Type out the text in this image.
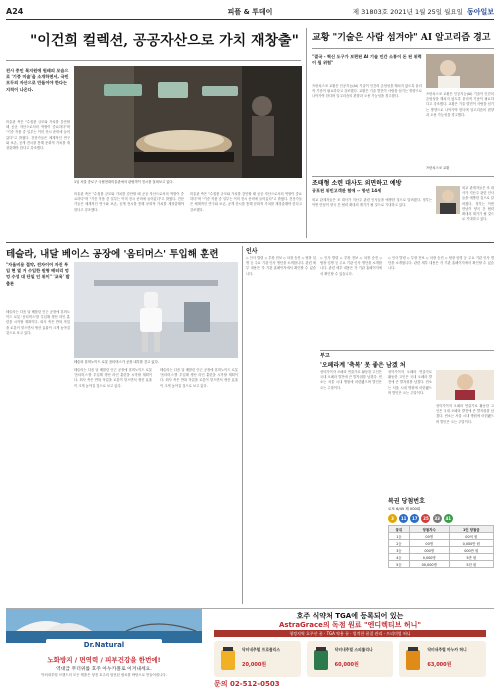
A24	피플 & 투데이	제 31803호 2021년 1월 25일 월요일 동아일보
"이건희 컬렉션, 공공자산으로 가치 재창출"
전시 중인 복지원에 원래의 모습으로 '기증 미술'을 소개하면서, 국민 모두의 자산으로 만들어야 한다는 지적이 나온다.
미술관 측은 "수집품 규모와 가치를 감안할 때 공공 자산으로서의 역할이 중요하다"며 "기증 작품 중 일부는 이미 전시 준비에 들어갔다"고 밝혔다. 전문가들은 체계적인 연구와 보존, 공개 전시를 통해 문화적 가치를 재창출해야 한다고 강조했다.
1일 서울 종로구 국립현대미술관에서 관람객이 전시를 살펴보고 있다.
미술관 측은 "수집품 규모와 가치를 감안할 때 공공 자산으로서의 역할이 중요하다"며 "기증 작품 중 일부는 이미 전시 준비에 들어갔다"고 밝혔다. 전문가들은 체계적인 연구와 보존, 공개 전시를 통해 문화적 가치를 재창출해야 한다고 강조했다.
미술관 측은 "수집품 규모와 가치를 감안할 때 공공 자산으로서의 역할이 중요하다"며 "기증 작품 중 일부는 이미 전시 준비에 들어갔다"고 밝혔다. 전문가들은 체계적인 연구와 보존, 공개 전시를 통해 문화적 가치를 재창출해야 한다고 강조했다.
교황 "기술은 사람 섬겨야" AI 알고리즘 경고
"결국 - 혁신 도구가 보편된 AI 기술 인간 소통이 돈 된 위력이 될 위험"
프란치스코 교황은 인공지능(AI) 기술이 인간의 존엄성을 해치지 않도록 윤리적 기준이 필요하다고 강조했다. 교황은 기술 발전이 사람을 섬기는 방향으로 나아가야 한다며 알고리즘의 편향과 오용 가능성을 경고했다.
프란치스코 교황은 인공지능(AI) 기술이 인간의 존엄성을 해치지 않도록 윤리적 기준이 필요하다고 강조했다. 교황은 기술 발전이 사람을 섬기는 방향으로 나아가야 한다며 알고리즘의 편향과 오용 가능성을 경고했다.
프란치스코 교황
조태형 소련 대사도 외면하고 예방
공포된 위민고객관 협에 -- 항년 14세
외교 관계자들은 조 대사가 지난주 관련 인사들을 예방한 것으로 알려졌다. 정부는 이번 만남이 양국 간 협력 확대의 계기가 될 것으로 기대하고 있다.
외교 관계자들은 조 대사가 지난주 관련 인사들을 예방한 것으로 알려졌다. 정부는 이번 만남이 양국 간 협력 확대의 계기가 될 것으로 기대하고 있다.
테슬라, 내달 베이스 공장에 '옴티머스' 투입해 훈련
"자율비용 절약, 전자이어 자진 투입 현 열 거 수입한 원형 배터리 엉엉 수성 대 단일 인 위이" '교육' 발출론
테슬라는 다음 달 베를린 인근 공장에 휴머노이드 로봇 '옴티머스'를 투입해 생산 라인 훈련을 시작할 계획이다. 회사 측은 반복 작업을 로봇이 맡으면서 생산 효율이 크게 높아질 것으로 보고 있다.
테슬라 휴머노이드 로봇 옴티머스가 공장 내부를 걷고 있다.
테슬라는 다음 달 베를린 인근 공장에 휴머노이드 로봇 '옴티머스'를 투입해 생산 라인 훈련을 시작할 계획이다. 회사 측은 반복 작업을 로봇이 맡으면서 생산 효율이 크게 높아질 것으로 보고 있다.
테슬라는 다음 달 베를린 인근 공장에 휴머노이드 로봇 '옴티머스'를 투입해 생산 라인 훈련을 시작할 계획이다. 회사 측은 반복 작업을 로봇이 맡으면서 생산 효율이 크게 높아질 것으로 보고 있다.
인사
◇ 인사 발령 ◇ 부장 전보 ◇ 차장 승진 ◇ 팀장 임명 등 주요 기관 인사 명단을 소개합니다. 관련 세부 내용은 각 기관 홈페이지에서 확인할 수 있습니다.
◇ 인사 발령 ◇ 부장 전보 ◇ 차장 승진 ◇ 팀장 임명 등 주요 기관 인사 명단을 소개합니다. 관련 세부 내용은 각 기관 홈페이지에서 확인할 수 있습니다.
◇ 인사 발령 ◇ 부장 전보 ◇ 차장 승진 ◇ 팀장 임명 등 주요 기관 인사 명단을 소개합니다. 관련 세부 내용은 각 기관 홈페이지에서 확인할 수 있습니다.
부고
'오페라계 '축복' 못 좋은 남겠 처
성악가이자 오페라 연출가로 활동한 고인은 국내 오페라 발전에 큰 발자취를 남겼다. 빈소는 서울 시내 병원에 마련됐으며 발인은 오는 주말이다.
성악가이자 오페라 연출가로 활동한 고인은 국내 오페라 발전에 큰 발자취를 남겼다. 빈소는 서울 시내 병원에 마련됐으며 발인은 오는 주말이다.
성악가이자 오페라 연출가로 활동한 고인은 국내 오페라 발전에 큰 발자취를 남겼다. 빈소는 서울 시내 병원에 마련됐으며 발인은 오는 주말이다.
복권 당첨번호
로또 6/45 제 000회
3 11 17 25 33 41
등위	당첨자수	1인 당첨금
1등	00명	00억 원
2등	00명	0,000만 원
3등	000명	000만 원
4등	0,000명	5만 원
5등	00,000명	5천 원
Dr.Natural
노화방지 / 면역력 / 피부건강을 한번에!
역대급 무더위를 호주 아누카폴로 이겨내세요.
닥터내추럴 브랜드의 모든 제품은 청정 호주의 엄선된 원료를 바탕으로 만들어집니다.
호주 식약처 TGA에 등록되어 있는
AstraGrace의 독점 원료 "엔디렉티브 허니"
청정지역 호주산 꿀 · TGA 약용 꿀 · 엄격한 품질 관리 · 프리미엄 허니
닥터내추럴 프로폴리스
20,000원
닥터내추럴 스피룰리나
60,000원
닥터내추럴 마누카 허니
63,000원
문의 02-512-0503
